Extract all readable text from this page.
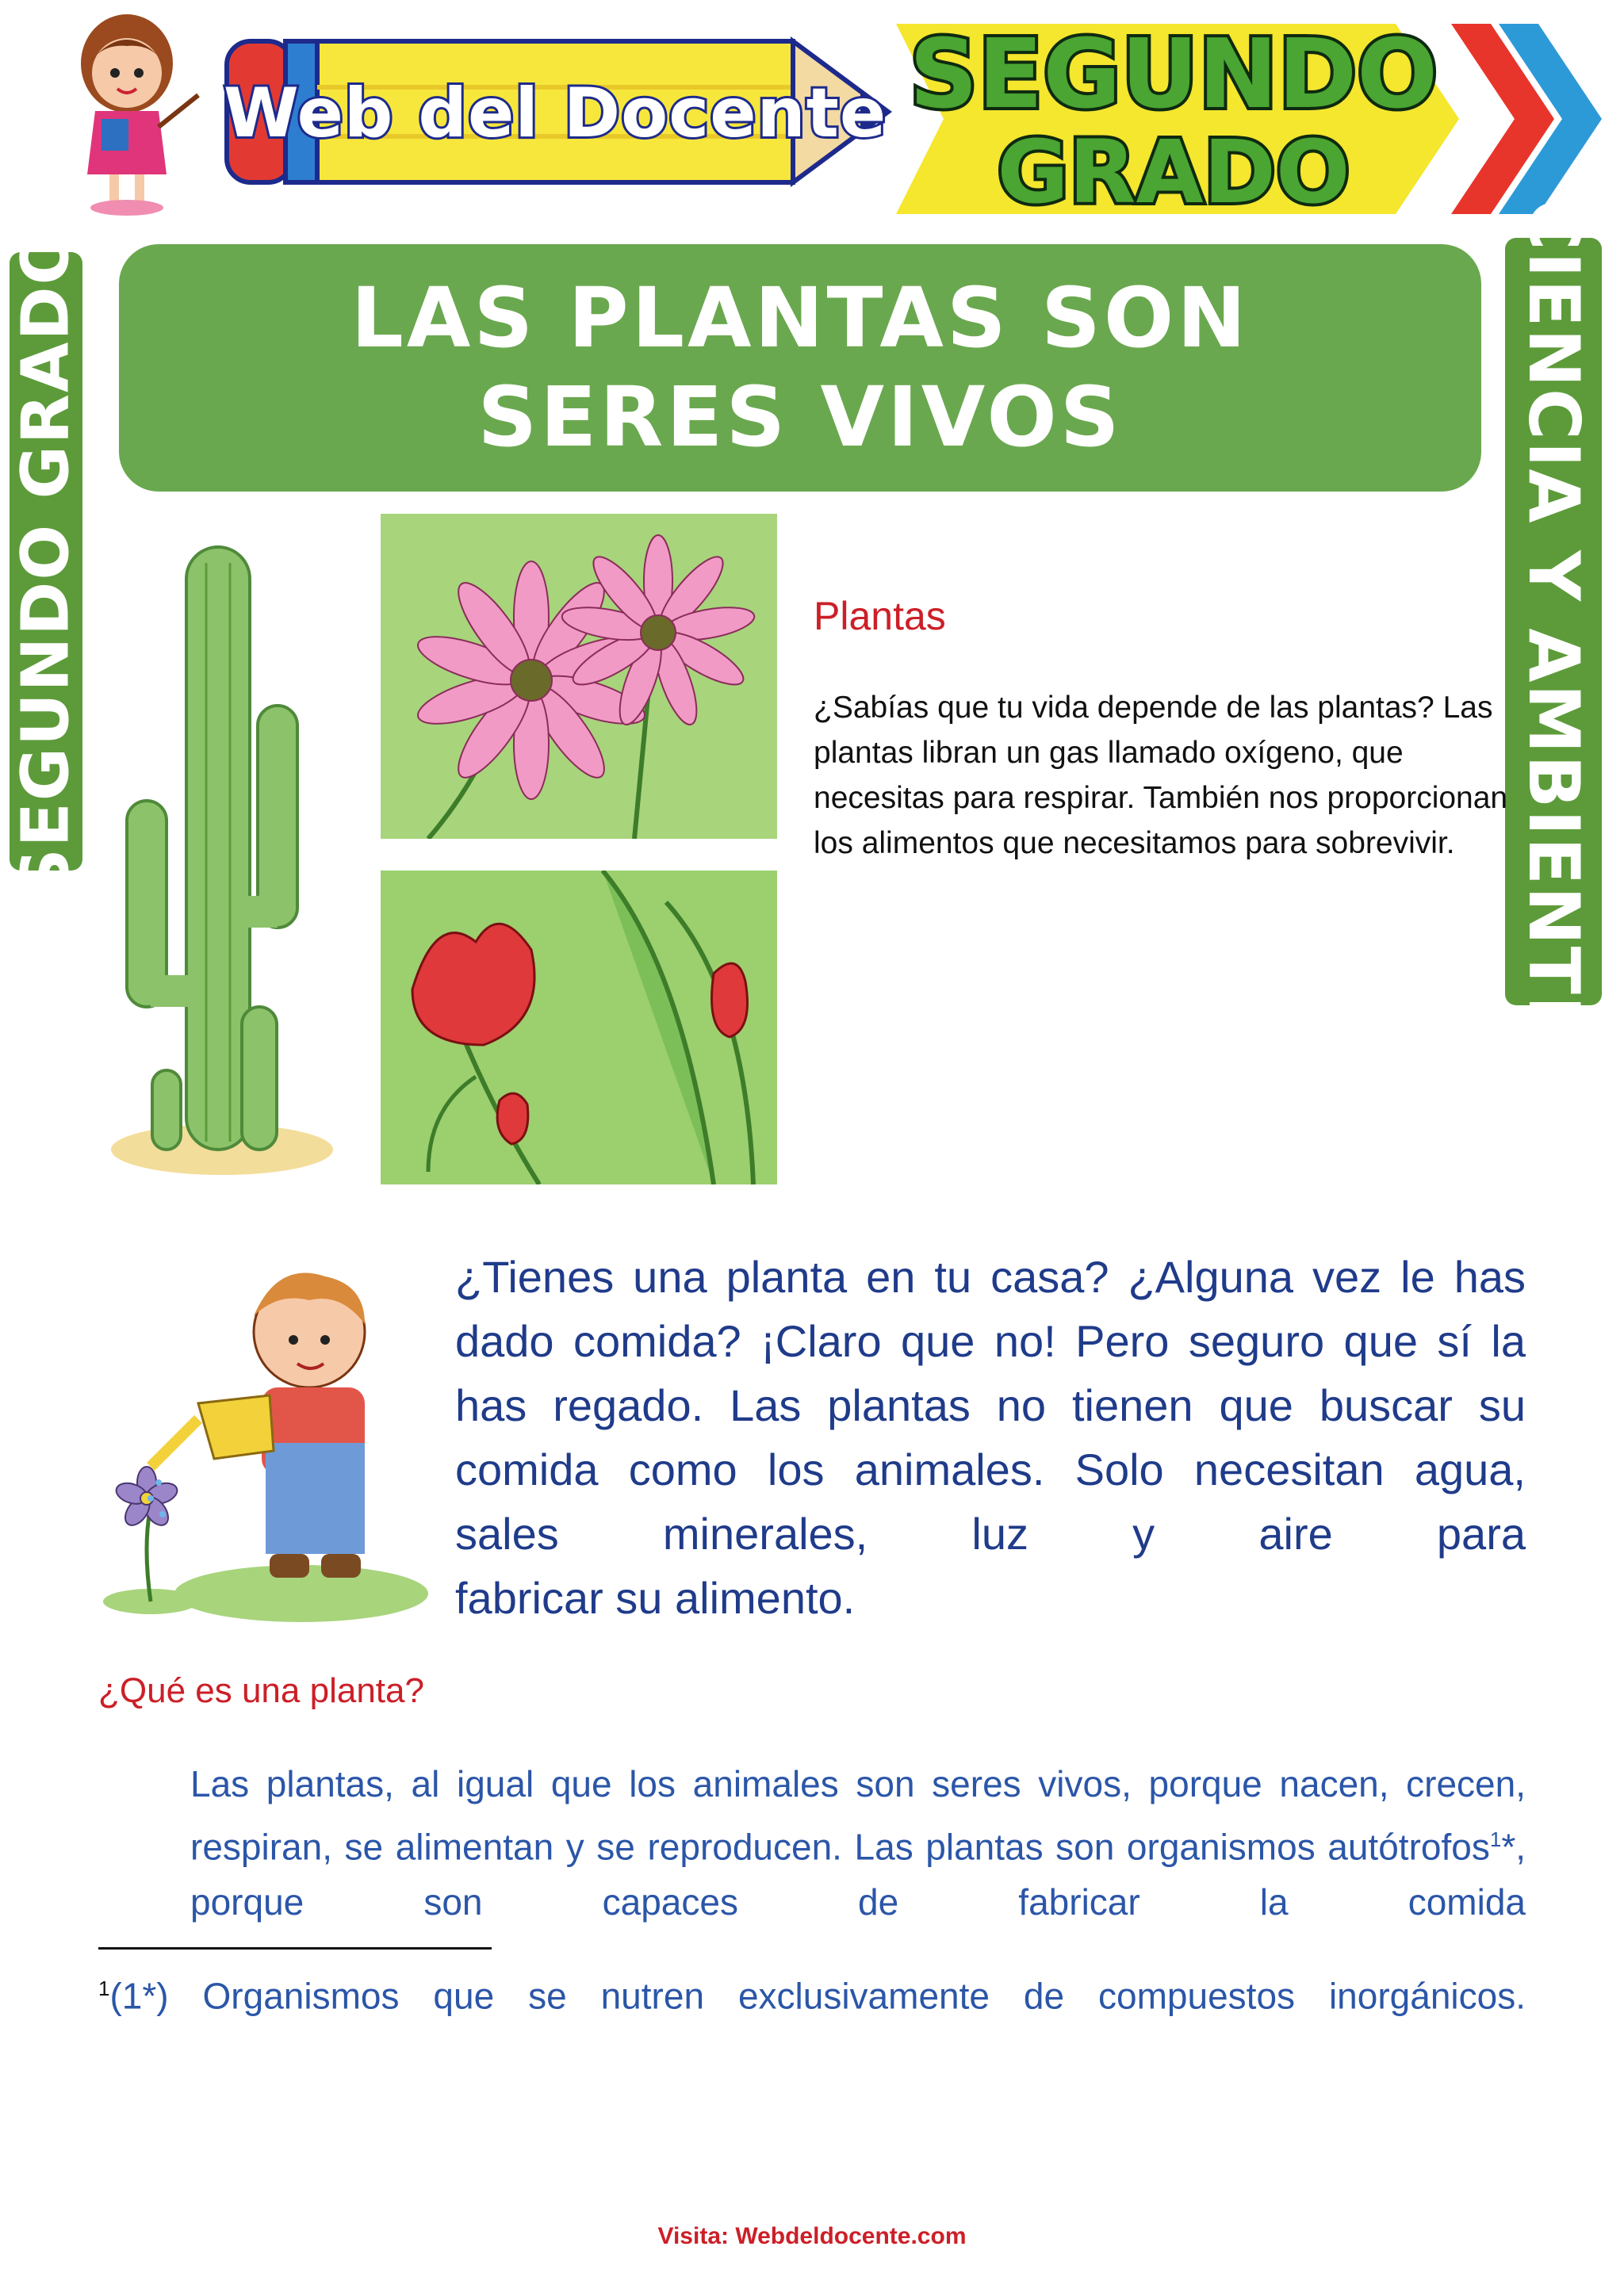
Web del Docente SEGUNDO
GRADO
SEGUNDO GRADO	CIENCIA Y AMBIENTE
LAS PLANTAS SON SERES VIVOS
Plantas
¿Sabías que tu vida depende de las plantas? Las plantas libran un gas llamado oxígeno, que necesitas para respirar. También nos proporcionan los alimentos que necesitamos para sobrevivir.
¿Tienes una planta en tu casa? ¿Alguna vez le has dado comida? ¡Claro que no! Pero seguro que sí la has regado. Las plantas no tienen que buscar su comida como los animales. Solo necesitan agua, sales minerales, luz y aire para
fabricar su alimento.
¿Qué es una planta?
Las plantas, al igual que los animales son seres vivos, porque nacen, crecen, respiran, se alimentan y se reproducen. Las plantas son organismos autótrofos$^1$*, porque son capaces de fabricar la comida
$^1$(1*) Organismos que se nutren exclusivamente de compuestos inorgánicos.
Visita: Webdeldocente.com
